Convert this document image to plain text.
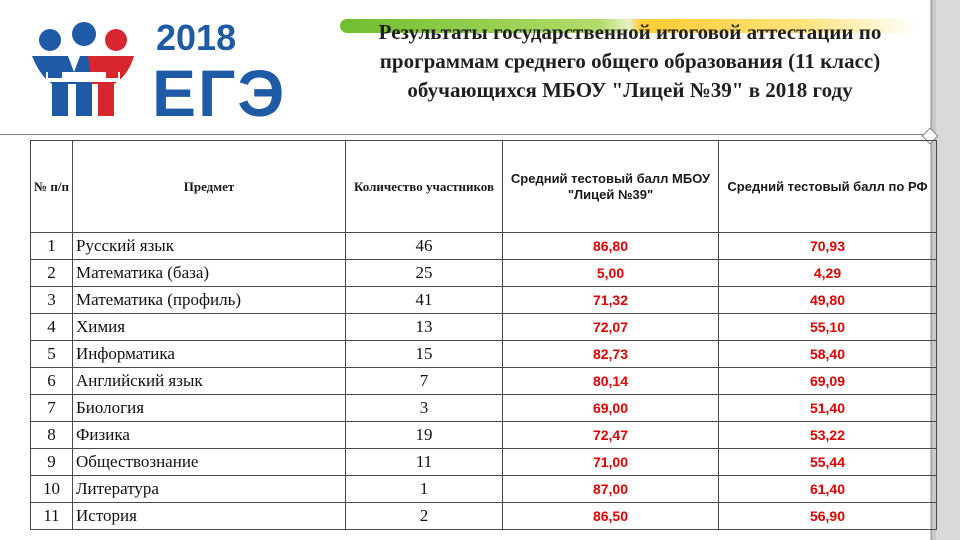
2018
ЕГЭ
Результаты государственной итоговой аттестации по программам среднего общего образования (11 класс) обучающихся МБОУ "Лицей №39" в 2018 году
№ п/п	Предмет	Количество участников	Средний тестовый балл МБОУ "Лицей №39"	Средний тестовый балл по РФ
1	Русский язык	46	86,80	70,93
2	Математика (база)	25	5,00	4,29
3	Математика (профиль)	41	71,32	49,80
4	Химия	13	72,07	55,10
5	Информатика	15	82,73	58,40
6	Английский язык	7	80,14	69,09
7	Биология	3	69,00	51,40
8	Физика	19	72,47	53,22
9	Обществознание	11	71,00	55,44
10	Литература	1	87,00	61,40
11	История	2	86,50	56,90
